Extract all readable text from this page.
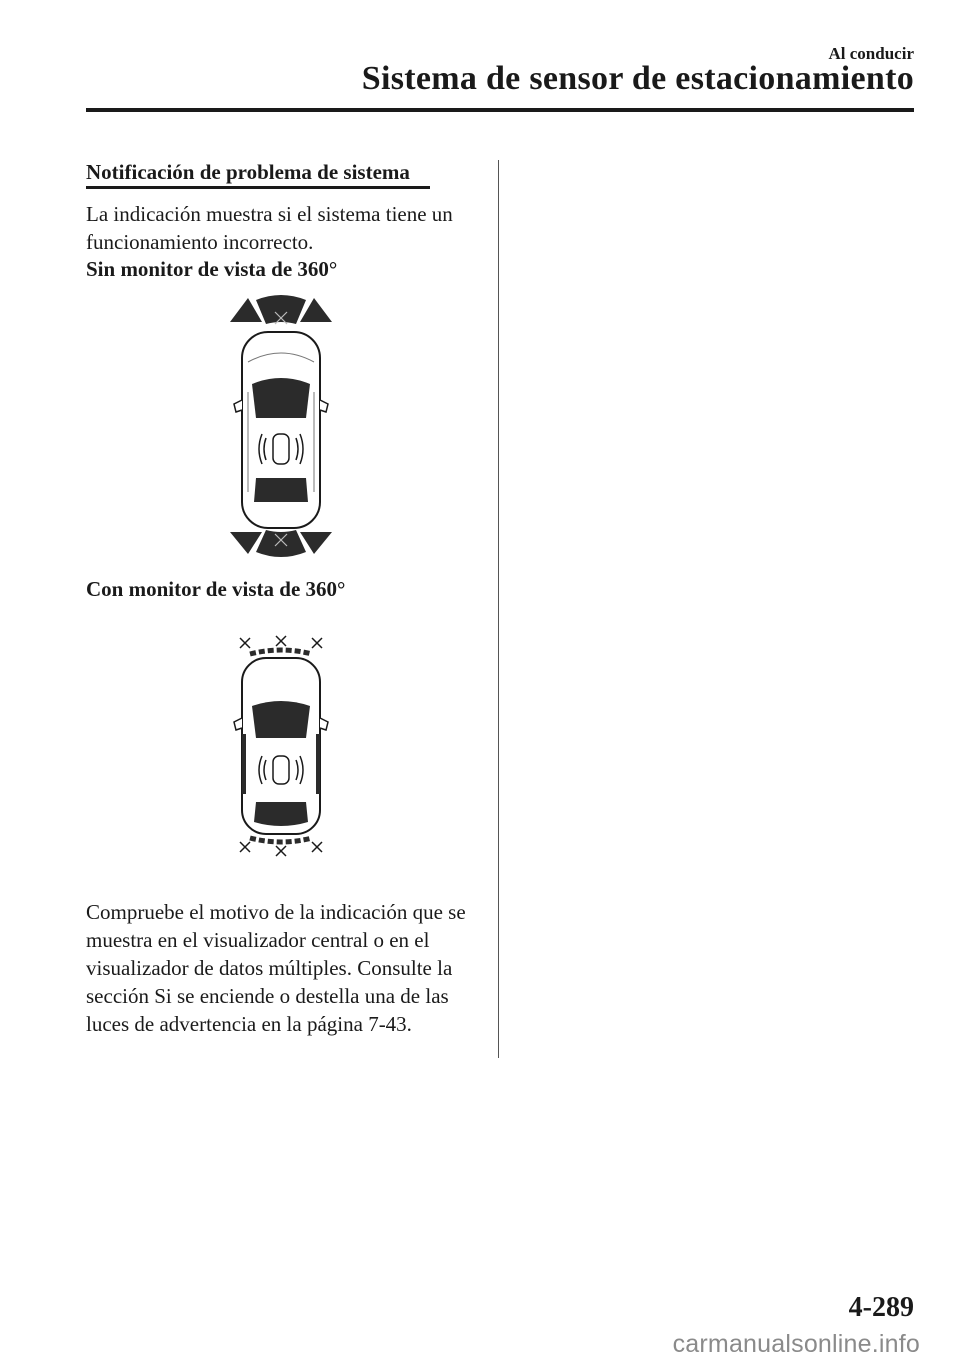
Al conducir
Sistema de sensor de estacionamiento
Notificación de problema de sistema
La indicación muestra si el sistema tiene un funcionamiento incorrecto.
Sin monitor de vista de 360°
Con monitor de vista de 360°
Compruebe el motivo de la indicación que se muestra en el visualizador central o en el visualizador de datos múltiples. Consulte la sección Si se enciende o destella una de las luces de advertencia en la página 7-43.
4-289
carmanualsonline.info
